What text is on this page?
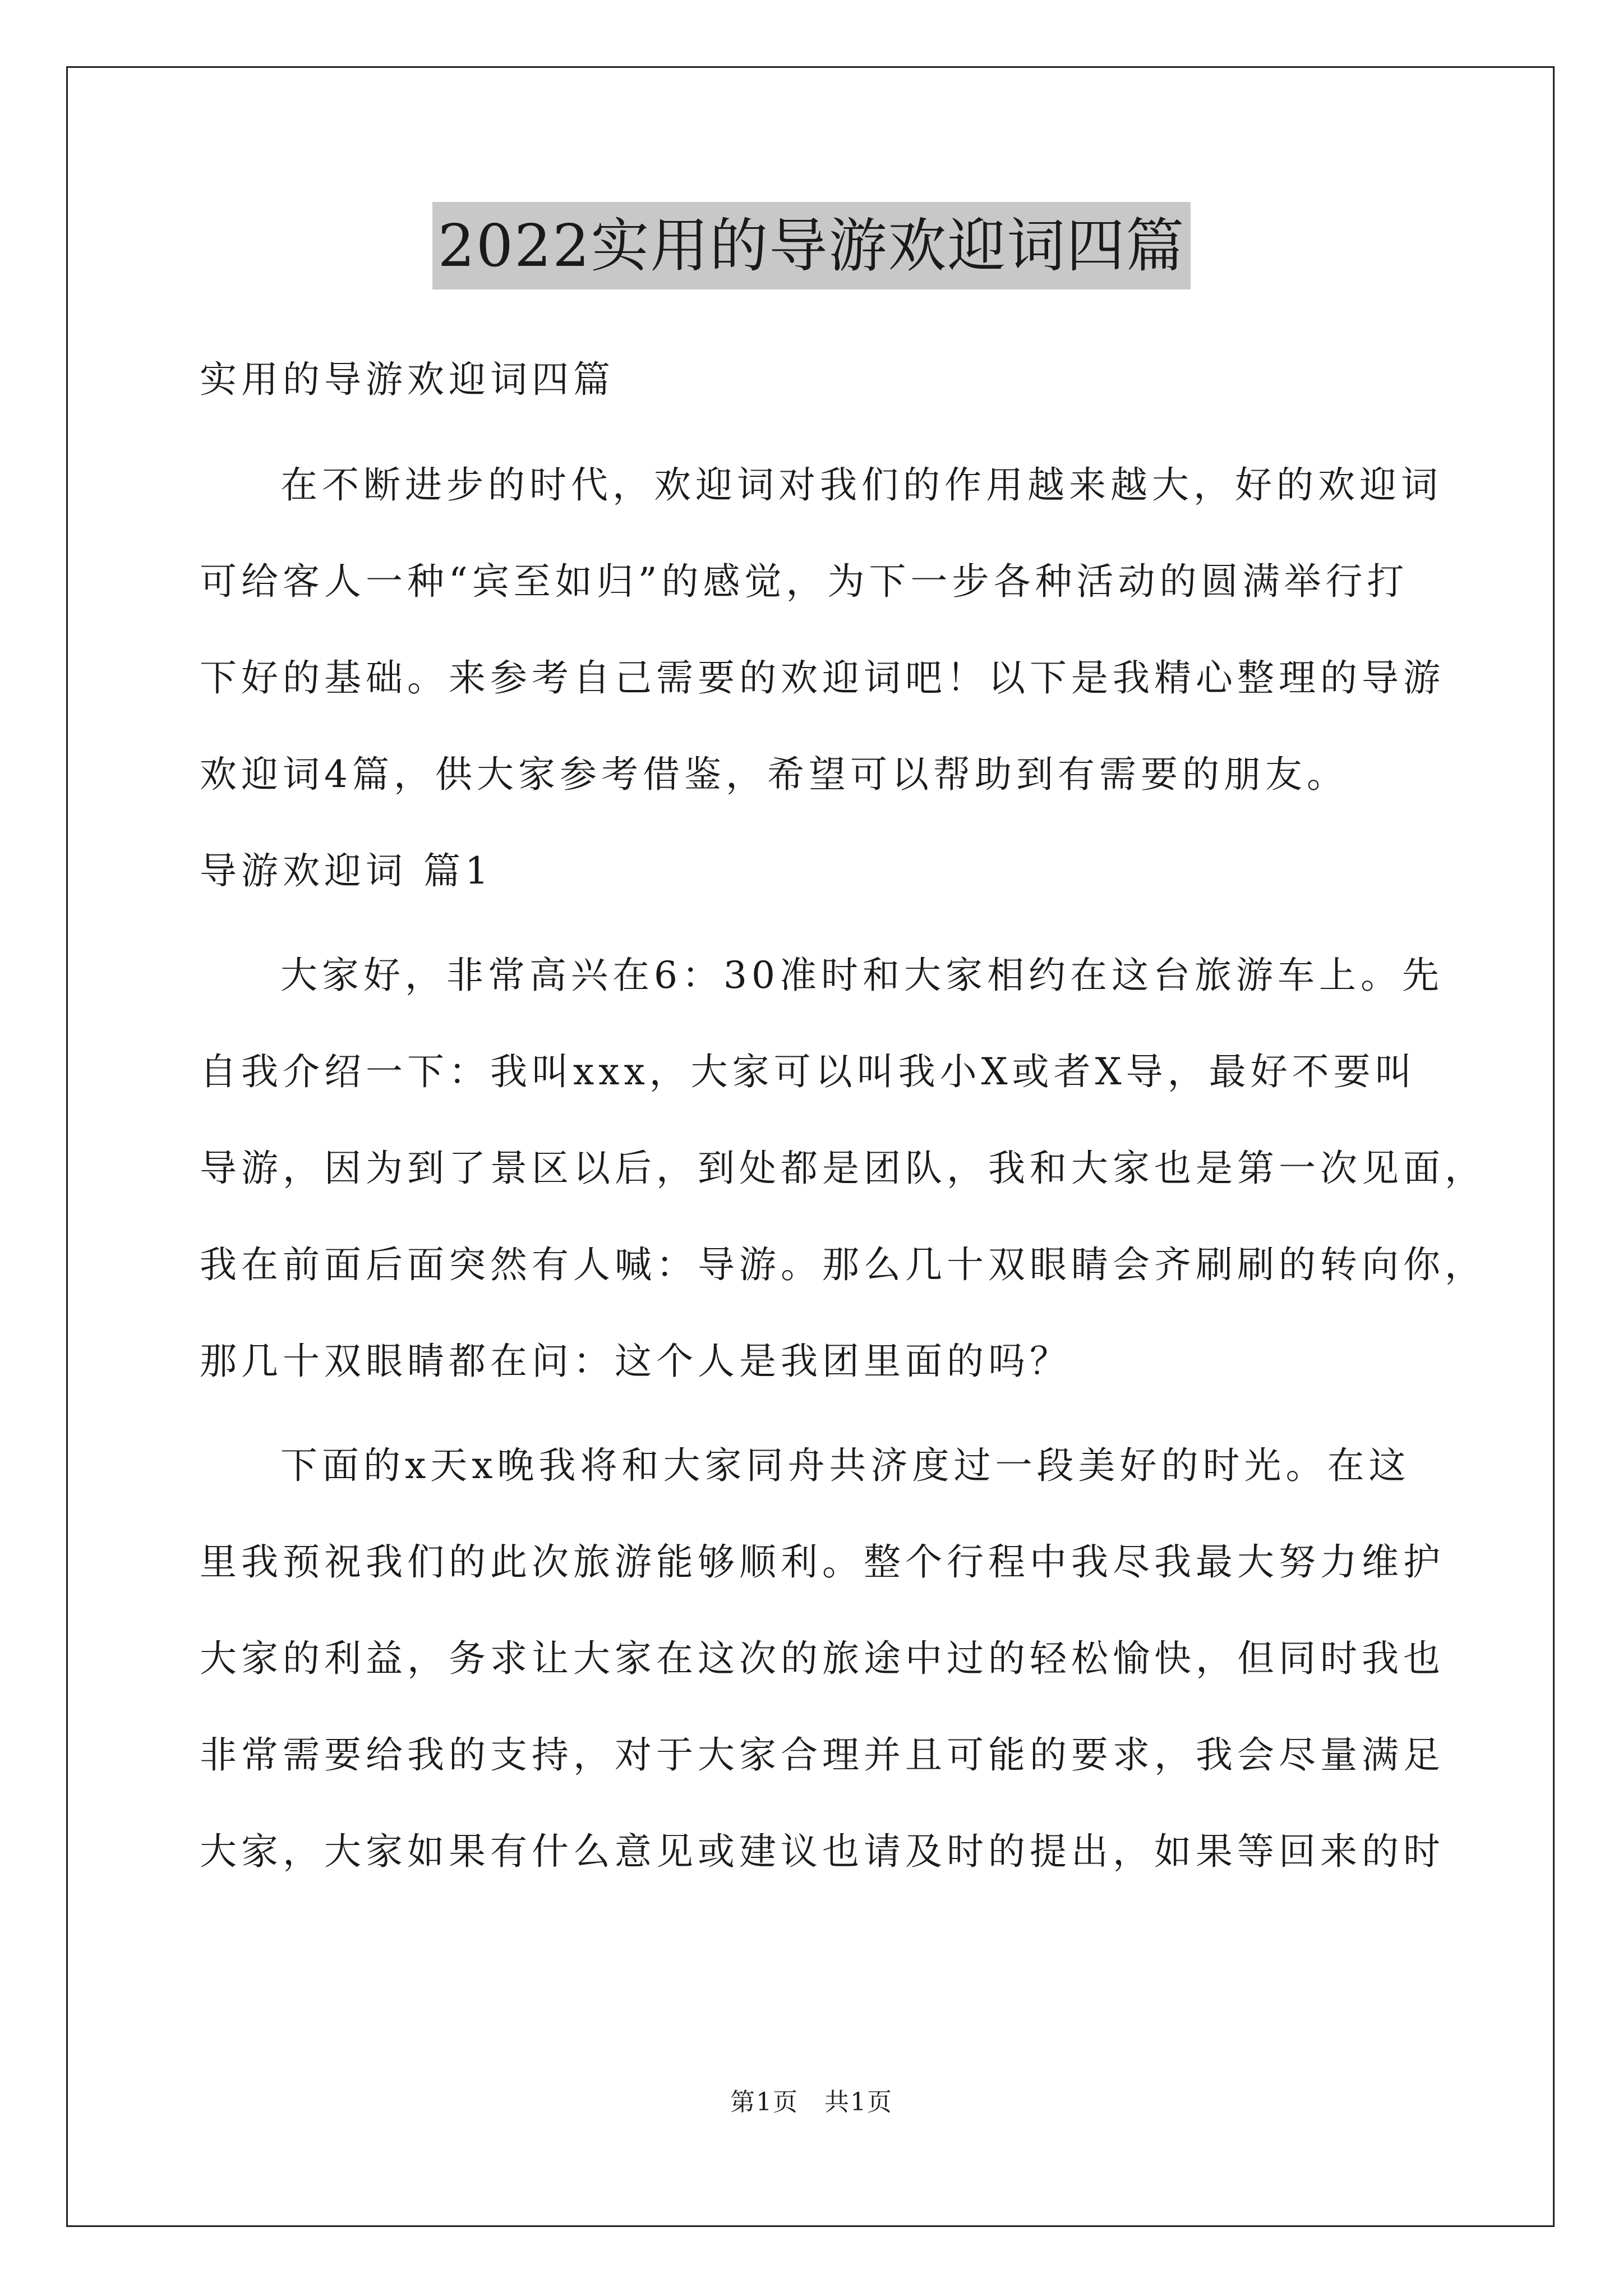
2022实用的导游欢迎词四篇
实用的导游欢迎词四篇
在不断进步的时代，欢迎词对我们的作用越来越大，好的欢迎词
可给客人一种“宾至如归”的感觉，为下一步各种活动的圆满举行打
下好的基础。来参考自己需要的欢迎词吧！以下是我精心整理的导游
欢迎词4篇，供大家参考借鉴，希望可以帮助到有需要的朋友。
导游欢迎词 篇1
大家好，非常高兴在6：30准时和大家相约在这台旅游车上。先
自我介绍一下：我叫xxx，大家可以叫我小X或者X导，最好不要叫
导游，因为到了景区以后，到处都是团队，我和大家也是第一次见面，
我在前面后面突然有人喊：导游。那么几十双眼睛会齐刷刷的转向你，
那几十双眼睛都在问：这个人是我团里面的吗？
下面的x天x晚我将和大家同舟共济度过一段美好的时光。在这
里我预祝我们的此次旅游能够顺利。整个行程中我尽我最大努力维护
大家的利益，务求让大家在这次的旅途中过的轻松愉快，但同时我也
非常需要给我的支持，对于大家合理并且可能的要求，我会尽量满足
大家，大家如果有什么意见或建议也请及时的提出，如果等回来的时
第1页　共1页
